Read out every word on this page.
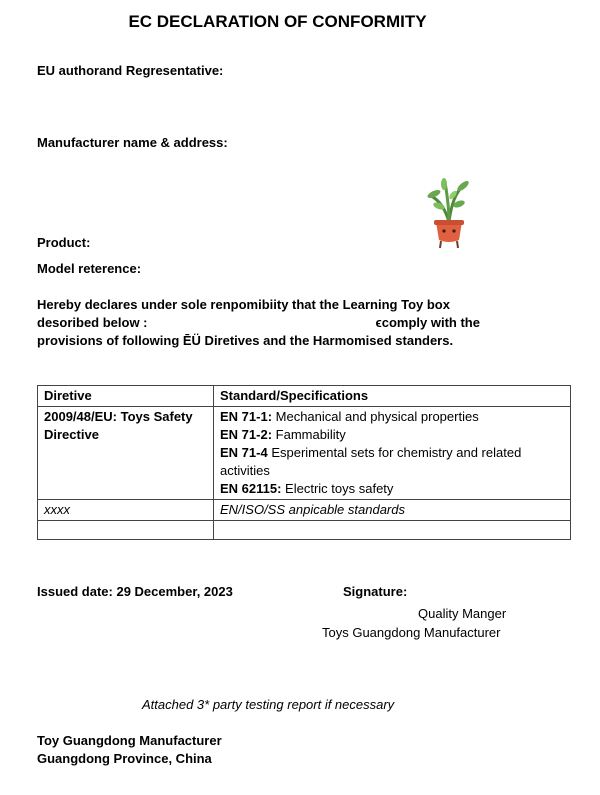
EC DECLARATION OF CONFORMITY
EU authorand Regresentative:
Manufacturer name & address:
Product:
Model reterence:
Hereby declares under sole renpomibiity that the Learning Toy box
desoribed below :	ϵcomply with the
provisions of following ĒÜ Diretives and the Harmomised standers.
Diretive	Standard/Specifications
2009/48/EU: Toys Safety Directive	EN 71-1: Mechanical and physical properties
EN 71-2: Fammability
EN 71-4 Esperimental sets for chemistry and related activities
EN 62115: Electric toys safety

xxxx	EN/ISO/SS anpicable standards

Issued date: 29 December, 2023	Signature:
Quality Manger
Toys Guangdong Manufacturer
Attached 3* party testing report if necessary
Toy Guangdong Manufacturer
Guangdong Province, China
